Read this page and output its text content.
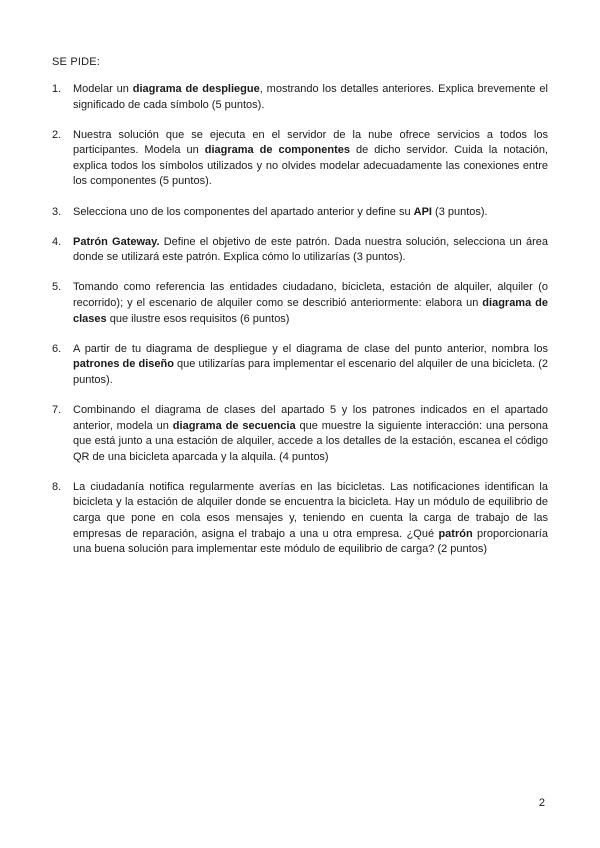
SE PIDE:
1. Modelar un diagrama de despliegue, mostrando los detalles anteriores. Explica brevemente el significado de cada símbolo (5 puntos).
2. Nuestra solución que se ejecuta en el servidor de la nube ofrece servicios a todos los participantes. Modela un diagrama de componentes de dicho servidor. Cuida la notación, explica todos los símbolos utilizados y no olvides modelar adecuadamente las conexiones entre los componentes (5 puntos).
3. Selecciona uno de los componentes del apartado anterior y define su API (3 puntos).
4. Patrón Gateway. Define el objetivo de este patrón. Dada nuestra solución, selecciona un área donde se utilizará este patrón. Explica cómo lo utilizarías (3 puntos).
5. Tomando como referencia las entidades ciudadano, bicicleta, estación de alquiler, alquiler (o recorrido); y el escenario de alquiler como se describió anteriormente: elabora un diagrama de clases que ilustre esos requisitos (6 puntos)
6. A partir de tu diagrama de despliegue y el diagrama de clase del punto anterior, nombra los patrones de diseño que utilizarías para implementar el escenario del alquiler de una bicicleta. (2 puntos).
7. Combinando el diagrama de clases del apartado 5 y los patrones indicados en el apartado anterior, modela un diagrama de secuencia que muestre la siguiente interacción: una persona que está junto a una estación de alquiler, accede a los detalles de la estación, escanea el código QR de una bicicleta aparcada y la alquila. (4 puntos)
8. La ciudadanía notifica regularmente averías en las bicicletas. Las notificaciones identifican la bicicleta y la estación de alquiler donde se encuentra la bicicleta. Hay un módulo de equilibrio de carga que pone en cola esos mensajes y, teniendo en cuenta la carga de trabajo de las empresas de reparación, asigna el trabajo a una u otra empresa. ¿Qué patrón proporcionaría una buena solución para implementar este módulo de equilibrio de carga? (2 puntos)
2
